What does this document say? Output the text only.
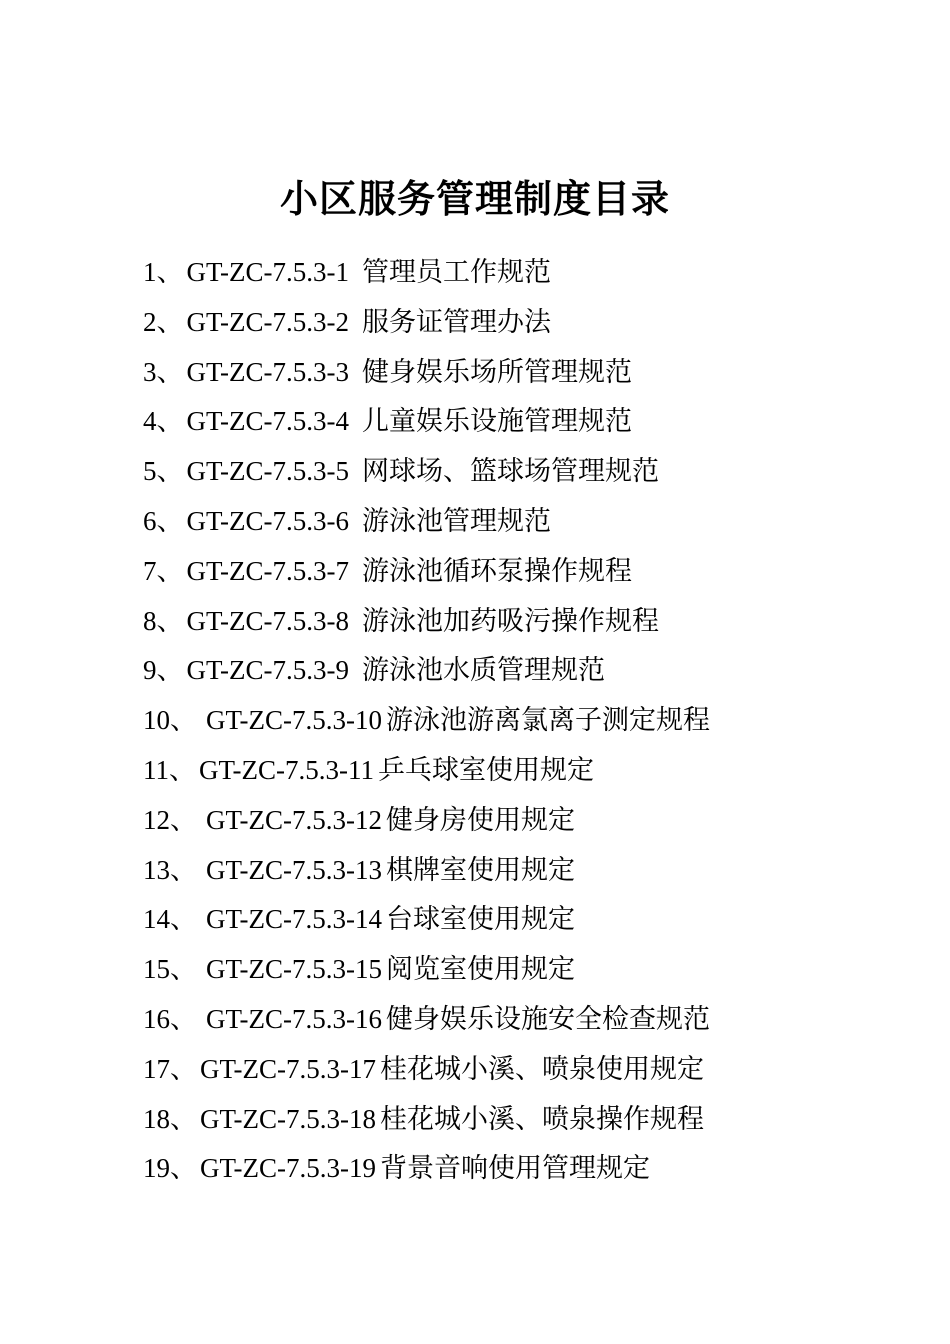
小区服务管理制度目录
1 、 GT-ZC-7.5.3-1 管理员工作规范
2 、 GT-ZC-7.5.3-2 服务证管理办法
3 、 GT-ZC-7.5.3-3 健身娱乐场所管理规范
4 、 GT-ZC-7.5.3-4 儿童娱乐设施管理规范
5 、 GT-ZC-7.5.3-5 网球场、篮球场管理规范
6 、 GT-ZC-7.5.3-6 游泳池管理规范
7 、 GT-ZC-7.5.3-7 游泳池循环泵操作规程
8 、 GT-ZC-7.5.3-8 游泳池加药吸污操作规程
9 、 GT-ZC-7.5.3-9 游泳池水质管理规范
10 、 GT-ZC-7.5.3-10 游泳池游离氯离子测定规程
11 、 GT-ZC-7.5.3-11 乒乓球室使用规定
12 、 GT-ZC-7.5.3-12 健身房使用规定
13 、 GT-ZC-7.5.3-13 棋牌室使用规定
14 、 GT-ZC-7.5.3-14 台球室使用规定
15 、 GT-ZC-7.5.3-15 阅览室使用规定
16 、 GT-ZC-7.5.3-16 健身娱乐设施安全检查规范
17 、 GT-ZC-7.5.3-17 桂花城小溪、喷泉使用规定
18 、 GT-ZC-7.5.3-18 桂花城小溪、喷泉操作规程
19 、 GT-ZC-7.5.3-19 背景音响使用管理规定
